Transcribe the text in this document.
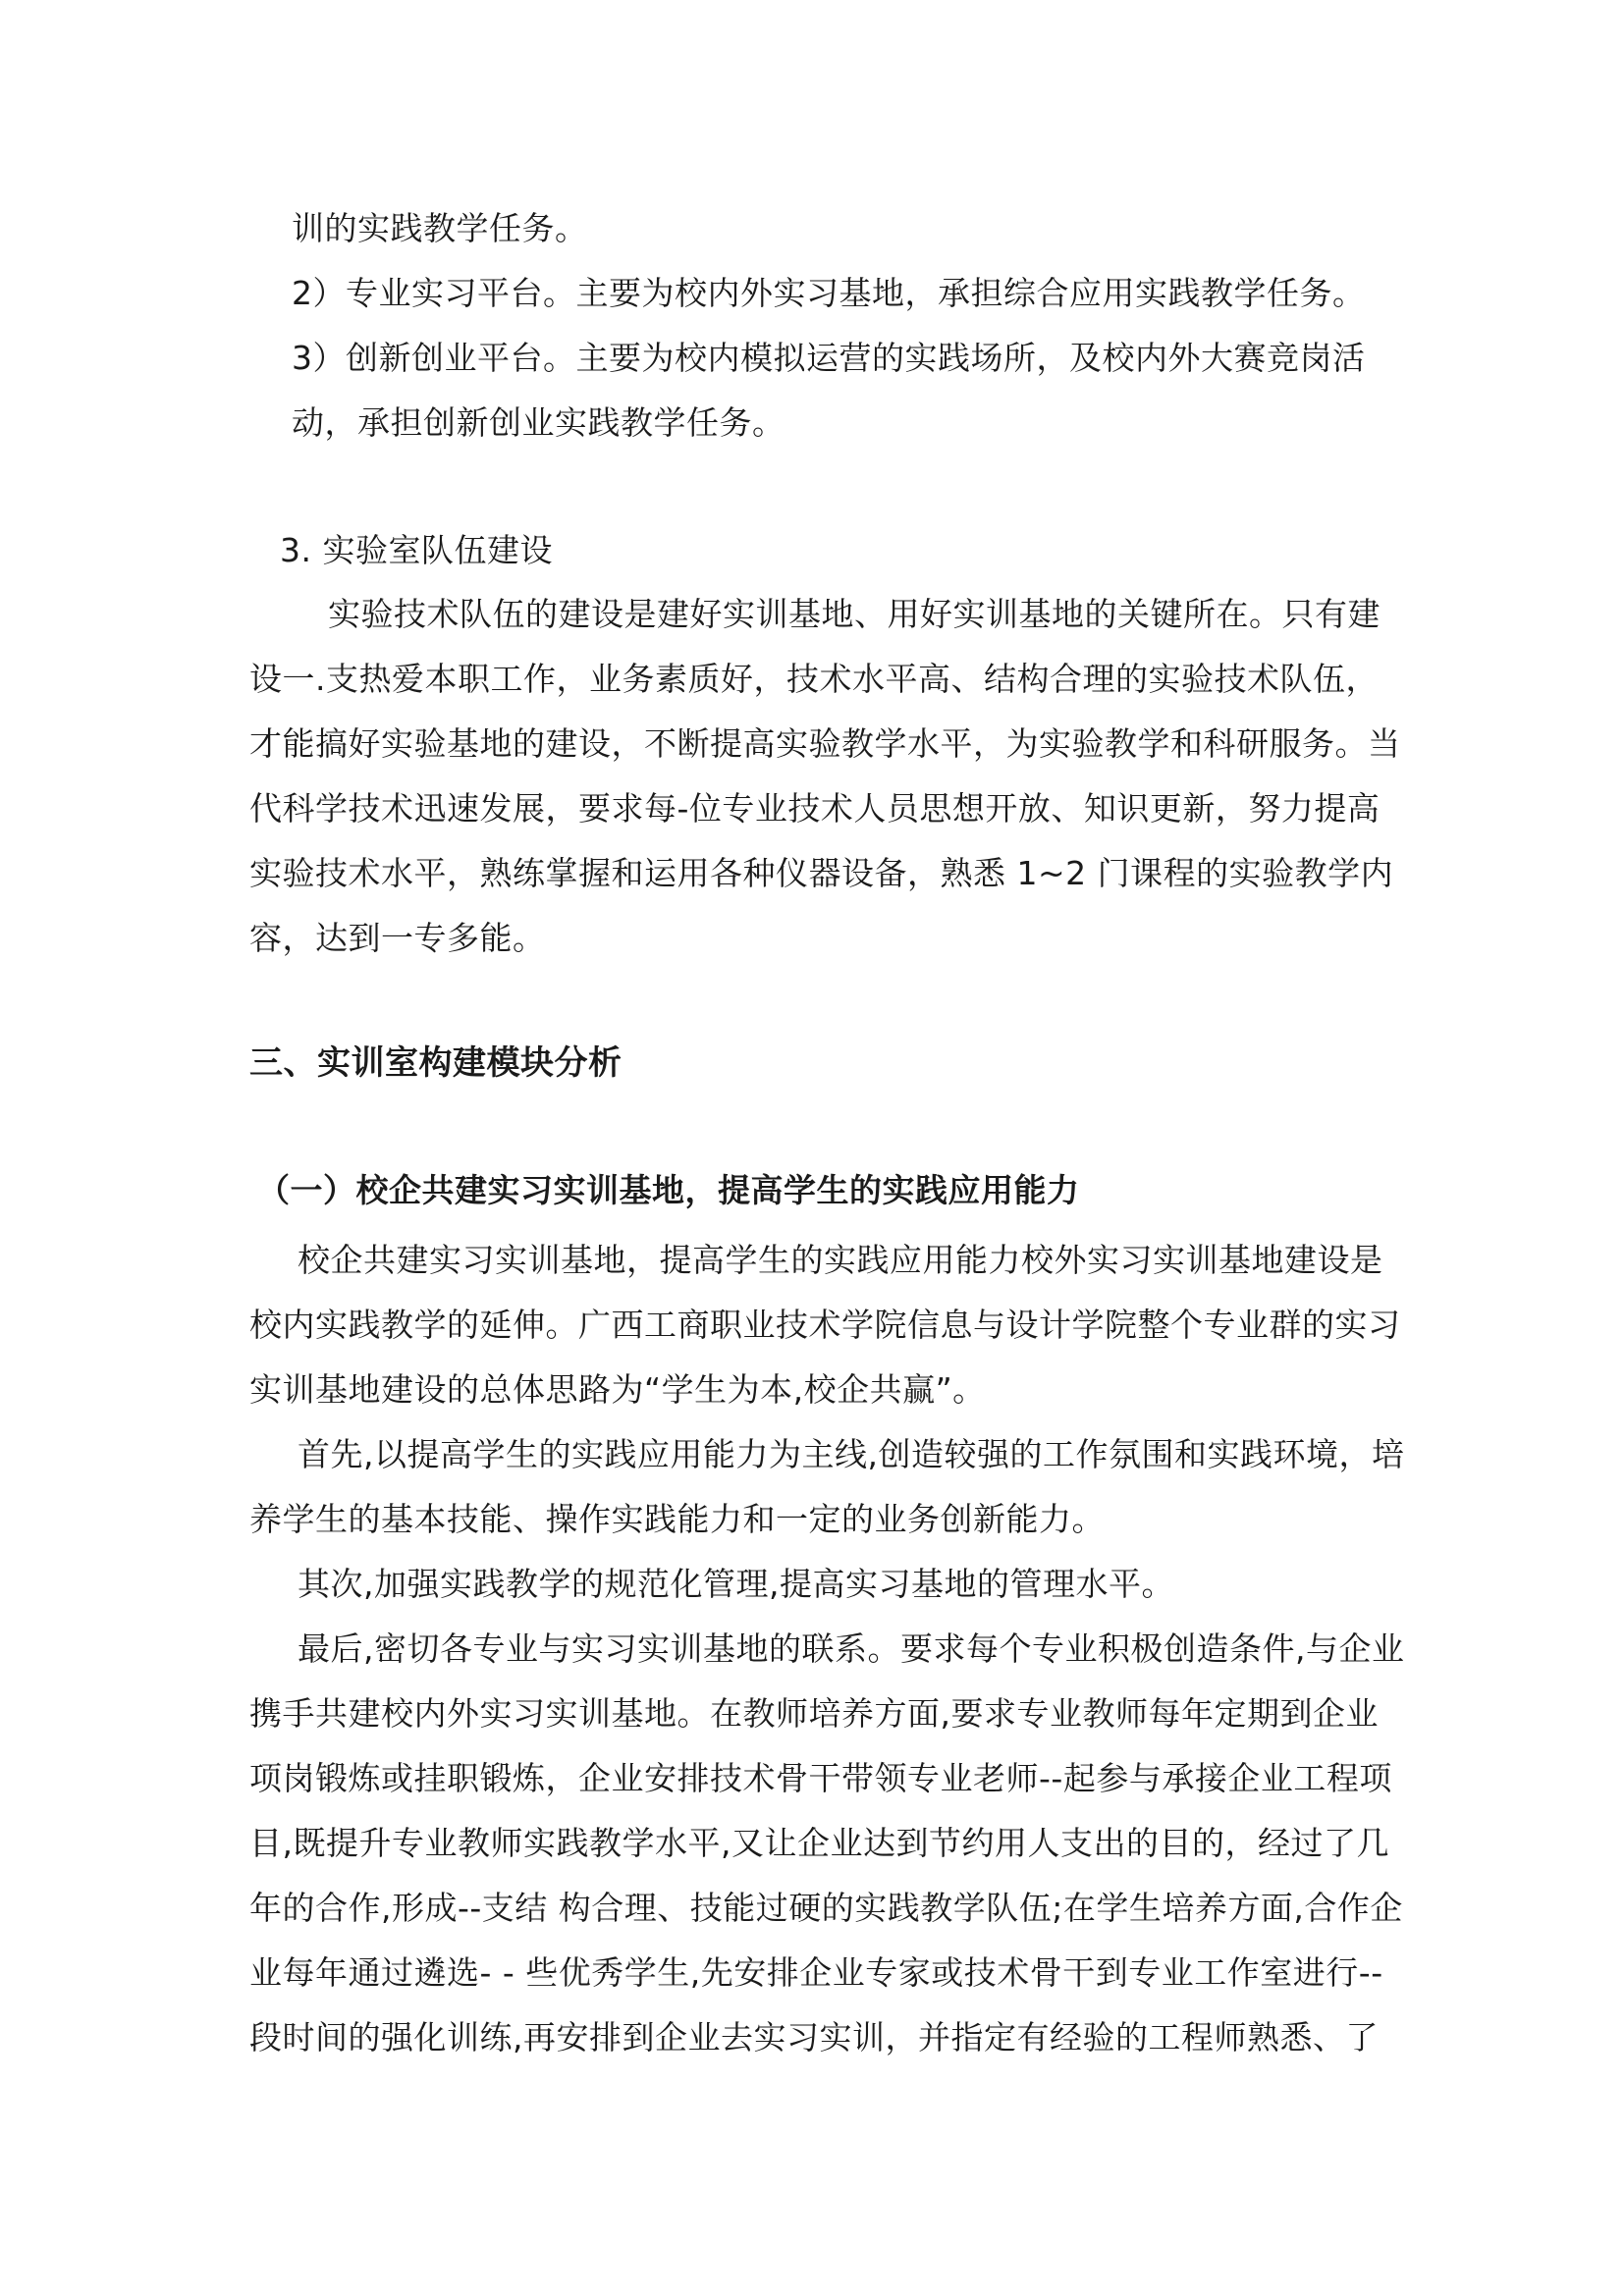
训的实践教学任务。
2）专业实习平台。主要为校内外实习基地，承担综合应用实践教学任务。
3）创新创业平台。主要为校内模拟运营的实践场所，及校内外大赛竞岗活
动，承担创新创业实践教学任务。
3. 实验室队伍建设
实验技术队伍的建设是建好实训基地、用好实训基地的关键所在。只有建
设一.支热爱本职工作，业务素质好，技术水平高、结构合理的实验技术队伍，
才能搞好实验基地的建设，不断提高实验教学水平，为实验教学和科研服务。当
代科学技术迅速发展，要求每-位专业技术人员思想开放、知识更新，努力提高
实验技术水平，熟练掌握和运用各种仪器设备，熟悉 1~2 门课程的实验教学内
容，达到一专多能。
三、实训室构建模块分析
（一）校企共建实习实训基地，提高学生的实践应用能力
校企共建实习实训基地，提高学生的实践应用能力校外实习实训基地建设是
校内实践教学的延伸。广西工商职业技术学院信息与设计学院整个专业群的实习
实训基地建设的总体思路为“学生为本,校企共赢”。
首先,以提高学生的实践应用能力为主线,创造较强的工作氛围和实践环境，培
养学生的基本技能、操作实践能力和一定的业务创新能力。
其次,加强实践教学的规范化管理,提高实习基地的管理水平。
最后,密切各专业与实习实训基地的联系。要求每个专业积极创造条件,与企业
携手共建校内外实习实训基地。在教师培养方面,要求专业教师每年定期到企业
项岗锻炼或挂职锻炼，企业安排技术骨干带领专业老师--起参与承接企业工程项
目,既提升专业教师实践教学水平,又让企业达到节约用人支出的目的，经过了几
年的合作,形成--支结 构合理、技能过硬的实践教学队伍;在学生培养方面,合作企
业每年通过遴选- - 些优秀学生,先安排企业专家或技术骨干到专业工作室进行--
段时间的强化训练,再安排到企业去实习实训，并指定有经验的工程师熟悉、了
